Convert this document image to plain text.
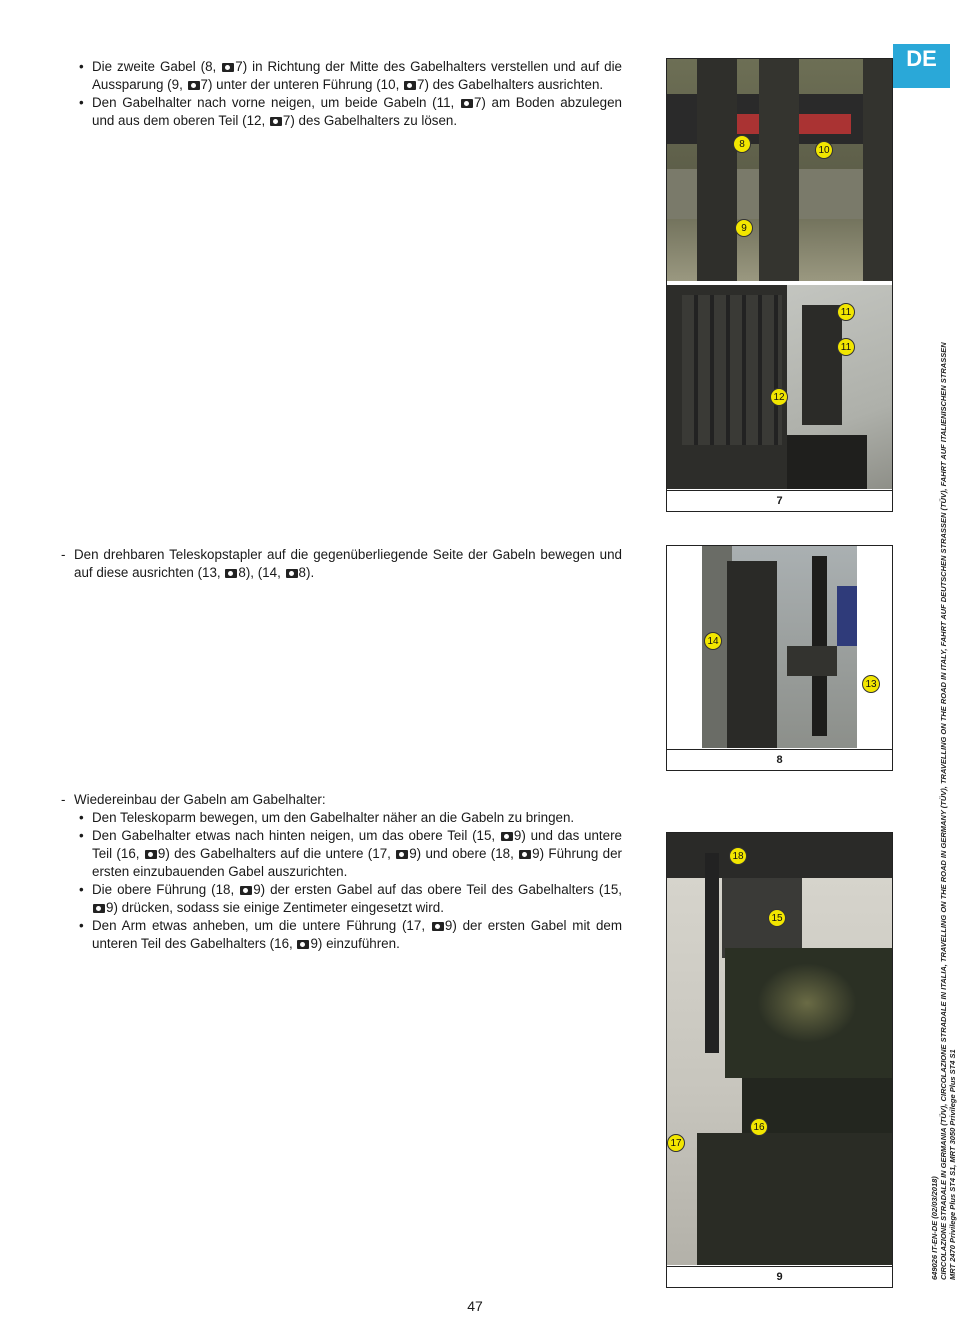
DE
• Die zweite Gabel (8, 7) in Richtung der Mitte des Gabelhalters verstellen und auf die Aussparung (9, 7) unter der unteren Führung (10, 7) des Gabelhalters ausrichten.
• Den Gabelhalter nach vorne neigen, um beide Gabeln (11, 7) am Boden abzulegen und aus dem oberen Teil (12, 7) des Gabelhalters zu lösen.
- Den drehbaren Teleskopstapler auf die gegenüberliegende Seite der Gabeln bewegen und auf diese ausrichten (13, 8), (14, 8).
- Wiedereinbau der Gabeln am Gabelhalter:
• Den Teleskoparm bewegen, um den Gabelhalter näher an die Gabeln zu bringen.
• Den Gabelhalter etwas nach hinten neigen, um das obere Teil (15, 9) und das untere Teil (16, 9) des Gabelhalters auf die untere (17, 9) und obere (18, 9) Führung der ersten einzubauenden Gabel auszurichten.
• Die obere Führung (18, 9) der ersten Gabel auf das obere Teil des Gabelhalters (15, 9) drücken, sodass sie einige Zentimeter eingesetzt wird.
• Den Arm etwas anheben, um die untere Führung (17, 9) der ersten Gabel mit dem unteren Teil des Gabelhalters (16, 9) einzuführen.
8
10
9
11
11
12
7
14
13
8
18
15
16
17
9	649026 IT-EN-DE (02/03/2018) CIRCOLAZIONE STRADALE IN GERMANIA (TÜV), CIRCOLAZIONE STRADALE IN ITALIA, TRAVELLING ON THE ROAD IN GERMANY (TÜV), TRAVELLING ON THE ROAD IN ITALY, FAHRT AUF DEUTSCHEN STRASSEN (TÜV), FAHRT AUF ITALIENISCHEN STRASSEN MRT 2470 Privilege Plus ST4 S1, MRT 3050 Privilege Plus ST4 S1
47
